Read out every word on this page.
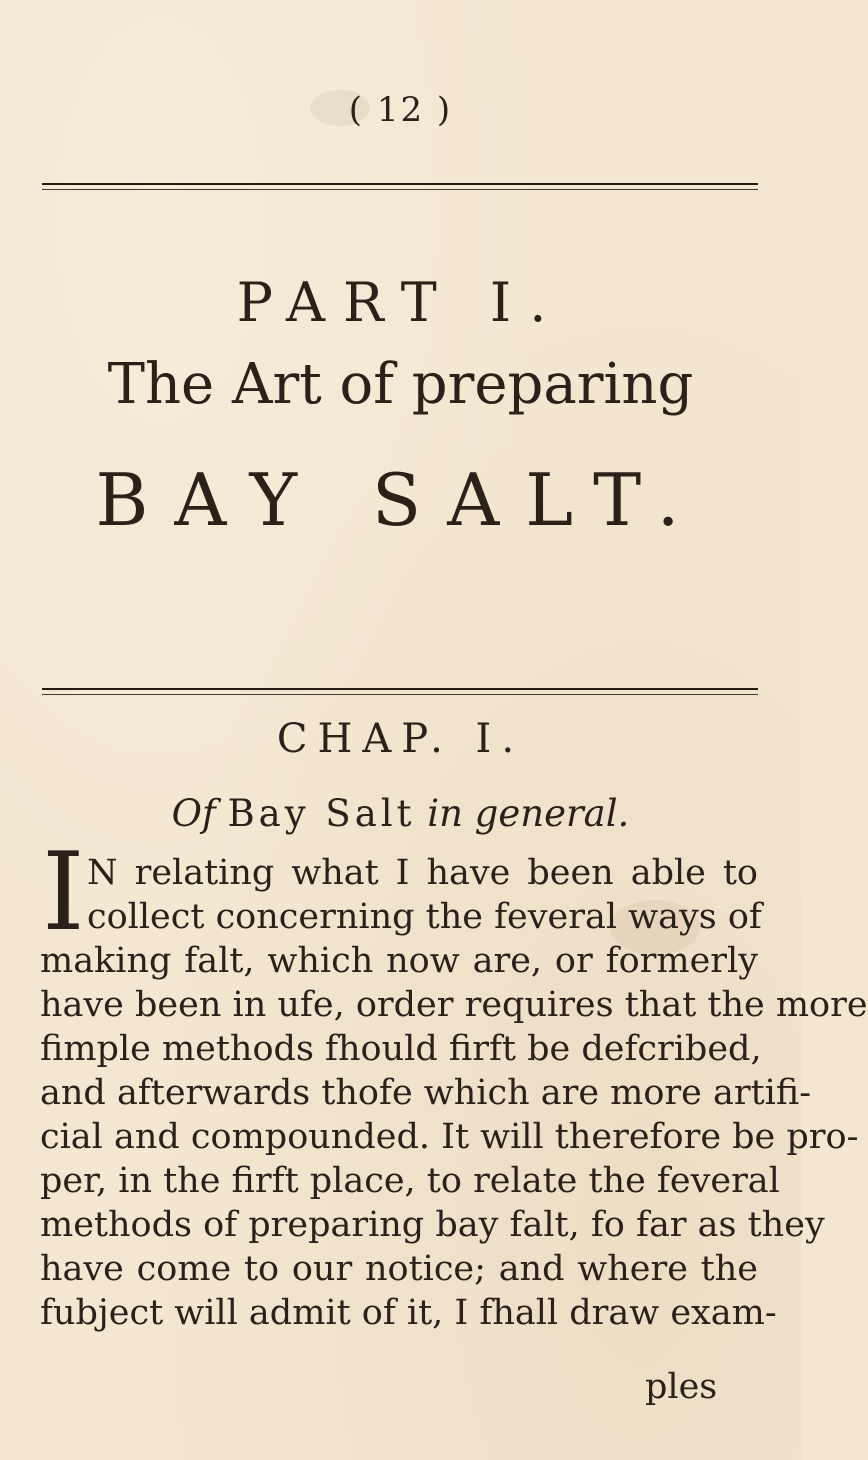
( 12 )
PART I.
The Art of preparing
BAY SALT.
CHAP. I.
Of Bay Salt in general.
I N relating what I have been able to
collect concerning the feveral ways of
making falt, which now are, or formerly
have been in ufe, order requires that the more
fimple methods fhould firft be defcribed,
and afterwards thofe which are more artifi-
cial and compounded. It will therefore be pro-
per, in the firft place, to relate the feveral
methods of preparing bay falt, fo far as they
have come to our notice; and where the
fubject will admit of it, I fhall draw exam-
ples
